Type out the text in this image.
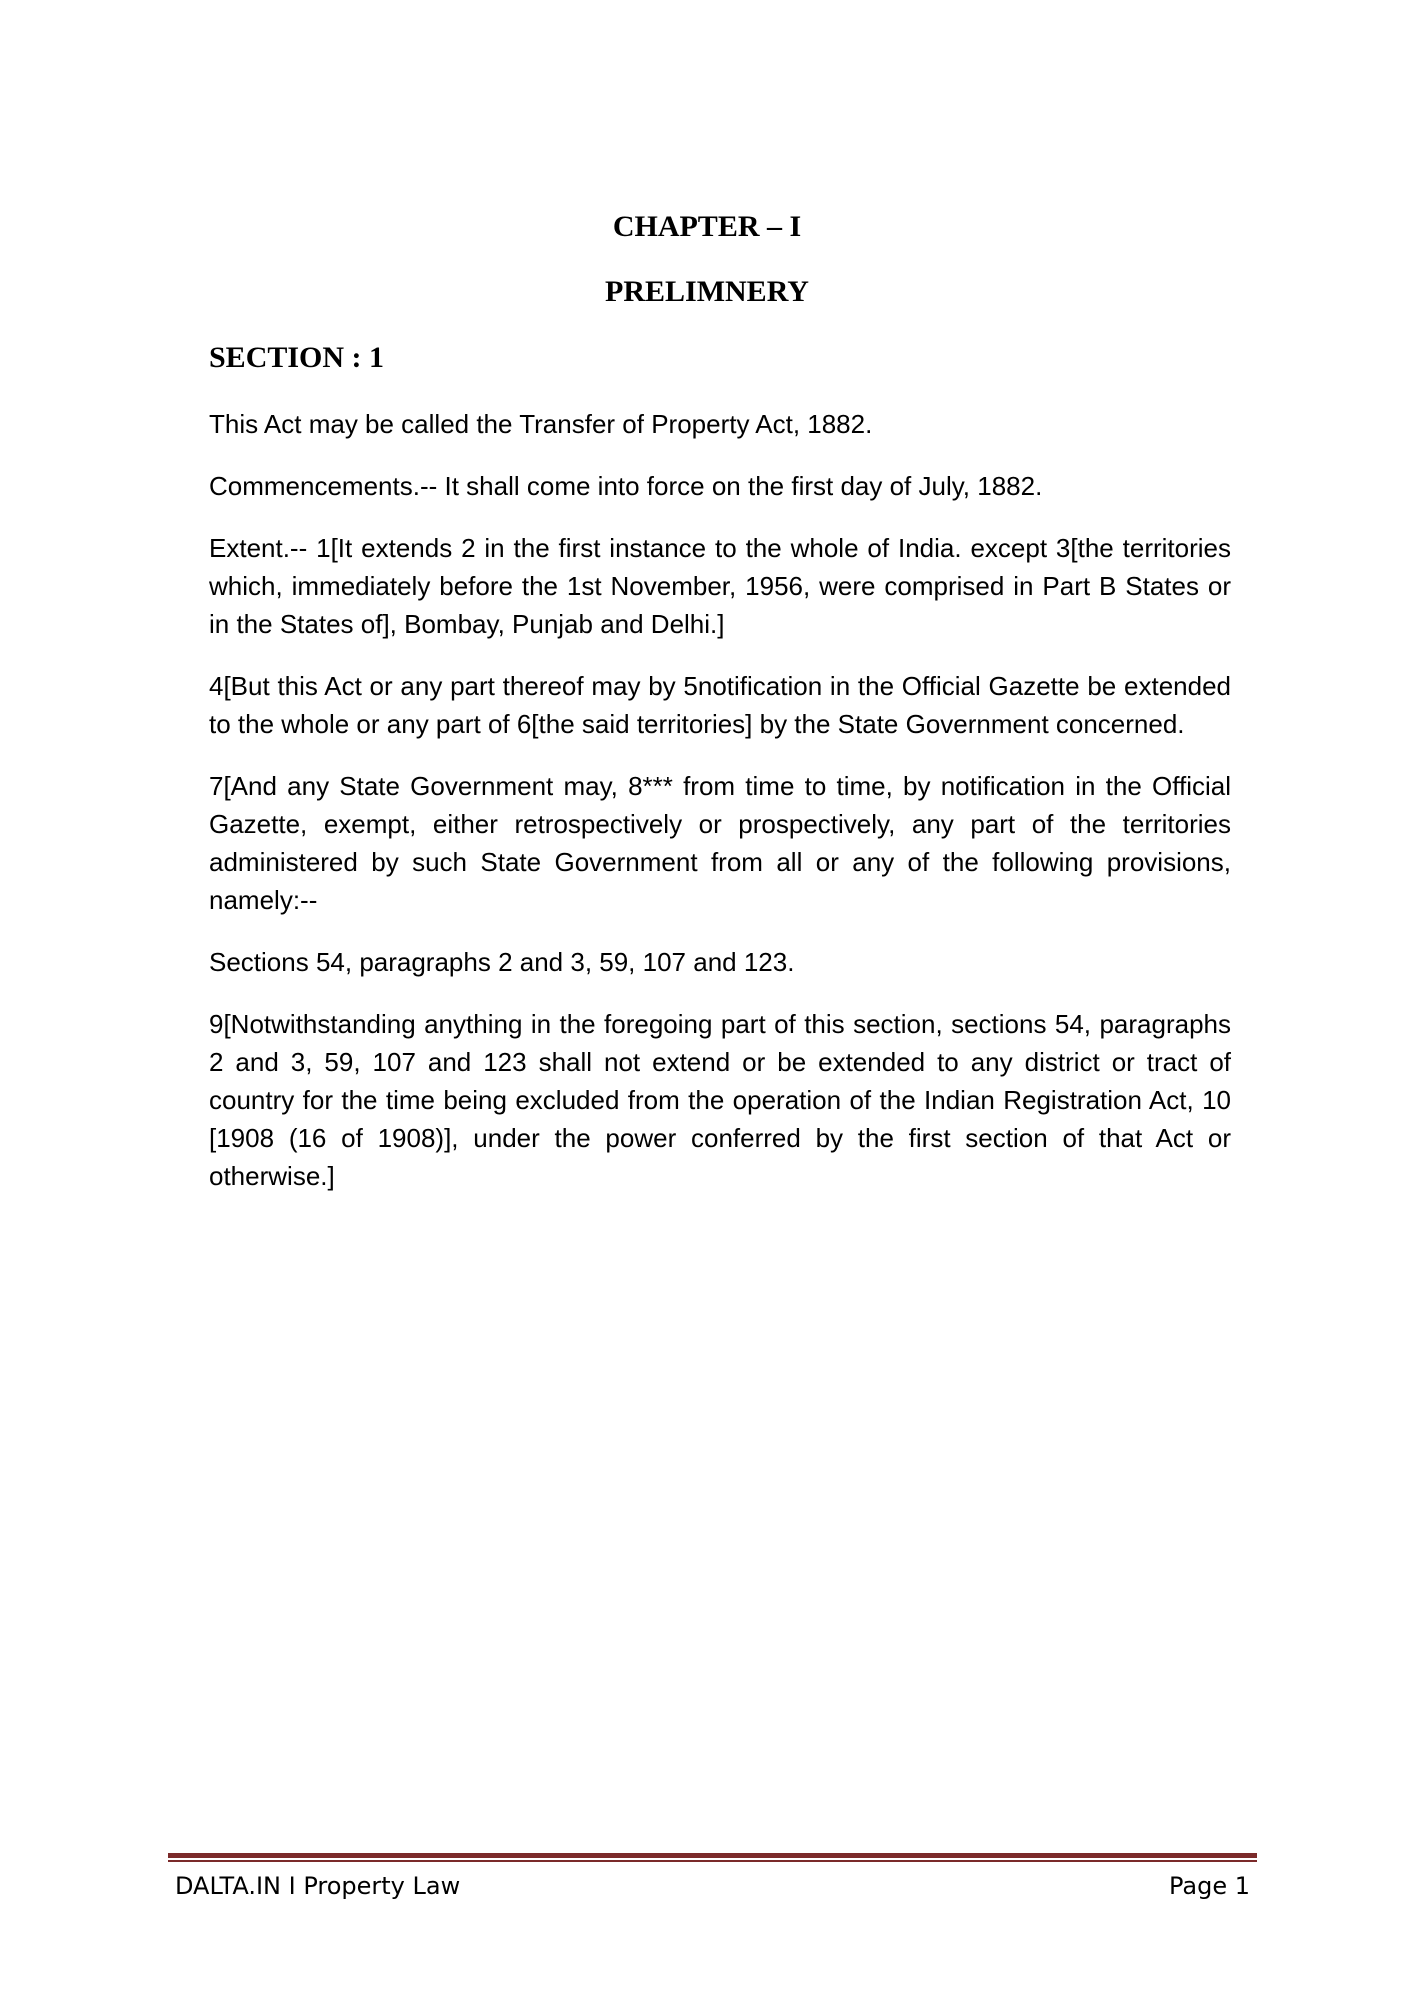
CHAPTER – I
PRELIMNERY
SECTION : 1

This Act may be called the Transfer of Property Act, 1882.

Commencements.-- It shall come into force on the first day of July, 1882.

Extent.-- 1[It extends 2 in the first instance to the whole of India. except 3[the territories which, immediately before the 1st November, 1956, were comprised in Part B States or in the States of], Bombay, Punjab and Delhi.]

4[But this Act or any part thereof may by 5notification in the Official Gazette be extended to the whole or any part of 6[the said territories] by the State Government concerned.

7[And any State Government may, 8*** from time to time, by notification in the Official Gazette, exempt, either retrospectively or prospectively, any part of the territories administered by such State Government from all or any of the following provisions, namely:--

Sections 54, paragraphs 2 and 3, 59, 107 and 123.

9[Notwithstanding anything in the foregoing part of this section, sections 54, paragraphs 2 and 3, 59, 107 and 123 shall not extend or be extended to any district or tract of country for the time being excluded from the operation of the Indian Registration Act, 10 [1908 (16 of 1908)], under the power conferred by the first section of that Act or otherwise.]

DALTA.IN I Property Law	Page 1
